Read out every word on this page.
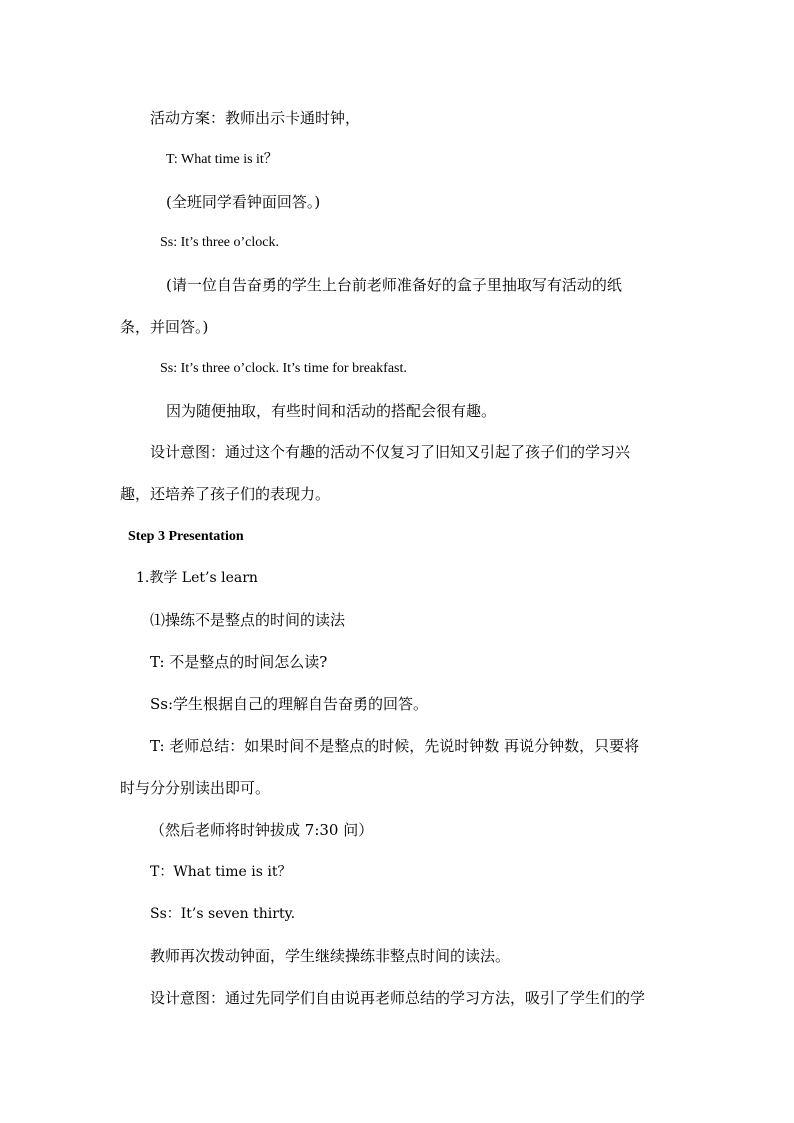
活动方案：教师出示卡通时钟，
T: What time is it？
(全班同学看钟面回答。)
Ss: It’s three o’clock.
(请一位自告奋勇的学生上台前老师准备好的盒子里抽取写有活动的纸
条，并回答。)
Ss: It’s three o’clock. It’s time for breakfast.
因为随便抽取，有些时间和活动的搭配会很有趣。
设计意图：通过这个有趣的活动不仅复习了旧知又引起了孩子们的学习兴
趣，还培养了孩子们的表现力。
Step 3 Presentation
1.教学 Let’s learn
⑴操练不是整点的时间的读法
T: 不是整点的时间怎么读?
Ss:学生根据自己的理解自告奋勇的回答。
T: 老师总结：如果时间不是整点的时候，先说时钟数 再说分钟数，只要将
时与分分别读出即可。
（然后老师将时钟拔成 7:30 问）
T：What time is it？
Ss：It’s seven thirty.
教师再次拨动钟面，学生继续操练非整点时间的读法。
设计意图：通过先同学们自由说再老师总结的学习方法，吸引了学生们的学
